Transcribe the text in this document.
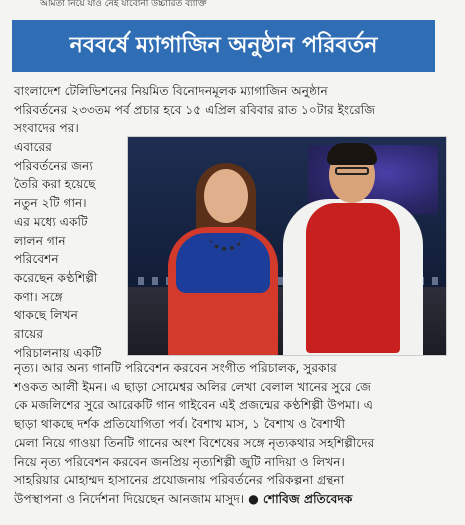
আমতা নিয়ে যাও নেই যাবোনী উচ্চারিত ব্যাক্তি
নববর্ষে ম্যাগাজিন অনুষ্ঠান পরিবর্তন
বাংলাদেশ টেলিভিশনের নিয়মিত বিনোদনমূলক ম্যাগাজিন অনুষ্ঠান
পরিবর্তনের ২৩৩তম পর্ব প্রচার হবে ১৫ এপ্রিল রবিবার রাত ১০টার ইংরেজি
সংবাদের পর।
এবারের
পরিবর্তনের জন্য
তৈরি করা হয়েছে
নতুন ২টি গান।
এর মধ্যে একটি
লালন গান
পরিবেশন
করেছেন কণ্ঠশিল্পী
কণা। সঙ্গে
থাকছে লিখন
রায়ের
পরিচালনায় একটি
নৃত্য। আর অন্য গানটি পরিবেশন করবেন সংগীত পরিচালক, সুরকার
শওকত আলী ইমন। এ ছাড়া সোমেশ্বর অলির লেখা বেলাল খানের সুরে জে
কে মজলিশের সুরে আরেকটি গান গাইবেন এই প্রজন্মের কণ্ঠশিল্পী উপমা। এ
ছাড়া থাকছে দর্শক প্রতিযোগিতা পর্ব। বৈশাখ মাস, ১ বৈশাখ ও বৈশাখী
মেলা নিয়ে গাওয়া তিনটি গানের অংশ বিশেষের সঙ্গে নৃত্যকথার সহশিল্পীদের
নিয়ে নৃত্য পরিবেশন করবেন জনপ্রিয় নৃত্যশিল্পী জুটি নাদিয়া ও লিখন।
সাহরিয়ার মোহাম্মদ হাসানের প্রযোজনায় পরিবর্তনের পরিকল্পনা গ্রন্থনা
উপস্থাপনা ও নির্দেশনা দিয়েছেন আনজাম মাসুদ। ● শোবিজ প্রতিবেদক
